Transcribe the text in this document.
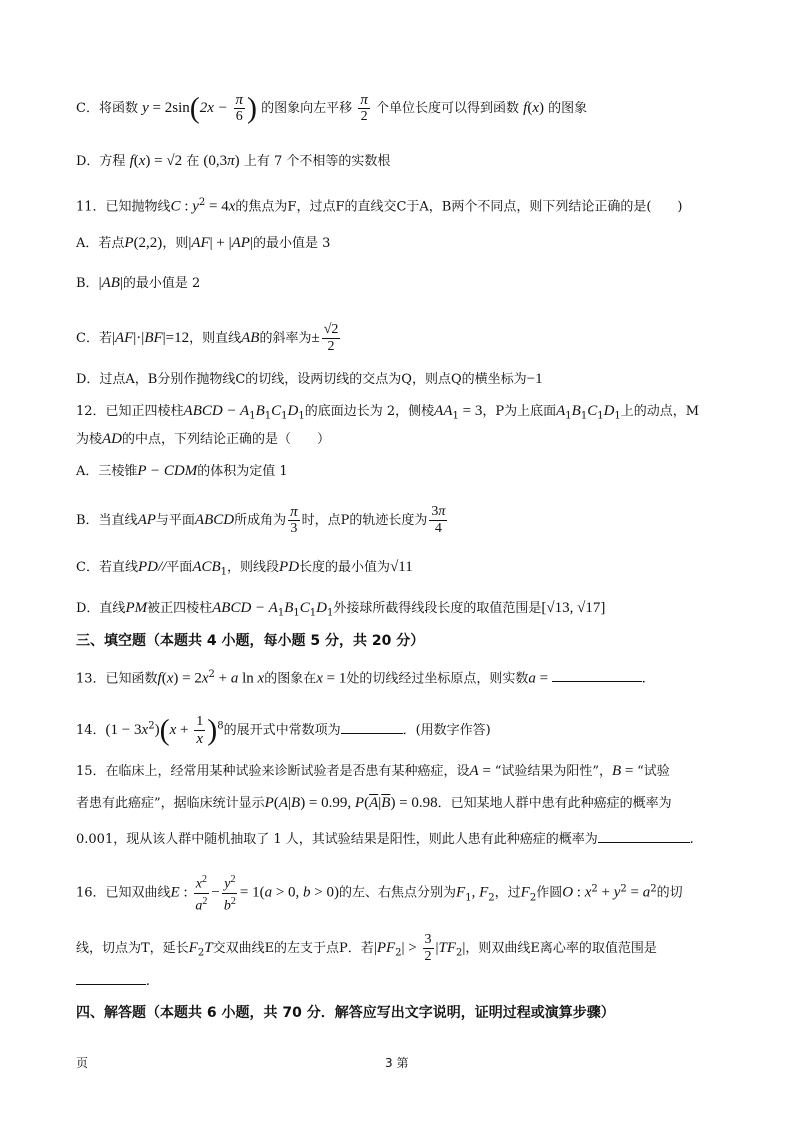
C．将函数 $y = 2\sin(2x - \frac{\pi}{6}$ ) 的图象向左平移 $\frac{\pi}{2}$ 个单位长度可以得到函数 f(x) 的图象
D．方程 f(x) = √2 在 (0,3π) 上有 7 个不相等的实数根
11．已知抛物线C : $y^2 = 4x$的焦点为F，过点F的直线交C于A，B两个不同点，则下列结论正确的是(　　)
A．若点P(2,2)，则|AF| + |AP|的最小值是 3
B．|AB|的最小值是 2
C．若|AF|·|BF|=12，则直线AB的斜率为± $\frac{√2}{2}$
D．过点A，B分别作抛物线C的切线，设两切线的交点为Q，则点Q的横坐标为−1
12．已知正四棱柱ABCD − $A_1B_1C_1D_1$的底面边长为 2，侧棱$AA_1 = 3$，P为上底面$A_1B_1C_1D_1$上的动点，M
为棱AD的中点，下列结论正确的是（　　）
A．三棱锥P − CDM的体积为定值 1
B．当直线AP与平面ABCD所成角为 $\frac{\pi}{3}$ 时，点P的轨迹长度为 $\frac{3\pi}{4}$
C．若直线PD//平面$ACB_1$，则线段PD长度的最小值为√11
D．直线PM被正四棱柱ABCD − $A_1B_1C_1D_1$外接球所截得线段长度的取值范围是[√13, √17]
三、填空题（本题共 4 小题，每小题 5 分，共 20 分）
13．已知函数$f(x) = 2x^2 + a$ ln x的图象在x = 1处的切线经过坐标原点，则实数a =	.
14．$(1 - 3x^2)(x + \frac{1}{x} )^8$的展开式中常数项为	．(用数字作答)
15．在临床上，经常用某种试验来诊断试验者是否患有某种癌症，设A = “试验结果为阳性”，B = “试验
者患有此癌症”，据临床统计显示P(A|B) = 0.99, $P(\overline{A}|\overline{B}) = 0.98$．已知某地人群中患有此种癌症的概率为
0.001，现从该人群中随机抽取了 1 人，其试验结果是阳性，则此人患有此种癌症的概率为	.
16．已知双曲线E : $\frac{x^2}{a^2} - \frac{y^2}{b^2} = 1(a > 0$, b > 0)的左、右焦点分别为$F_1$, $F_2$，过$F_2$作圆O : $x^2 + y^2 = a^2$的切
线，切点为T，延长$F_2T$交双曲线E的左支于点P．若$|PF_2| > \frac{3}{2} |TF_2|$，则双曲线E离心率的取值范围是
.
四、解答题（本题共 6 小题，共 70 分．解答应写出文字说明，证明过程或演算步骤）
页	3 第
